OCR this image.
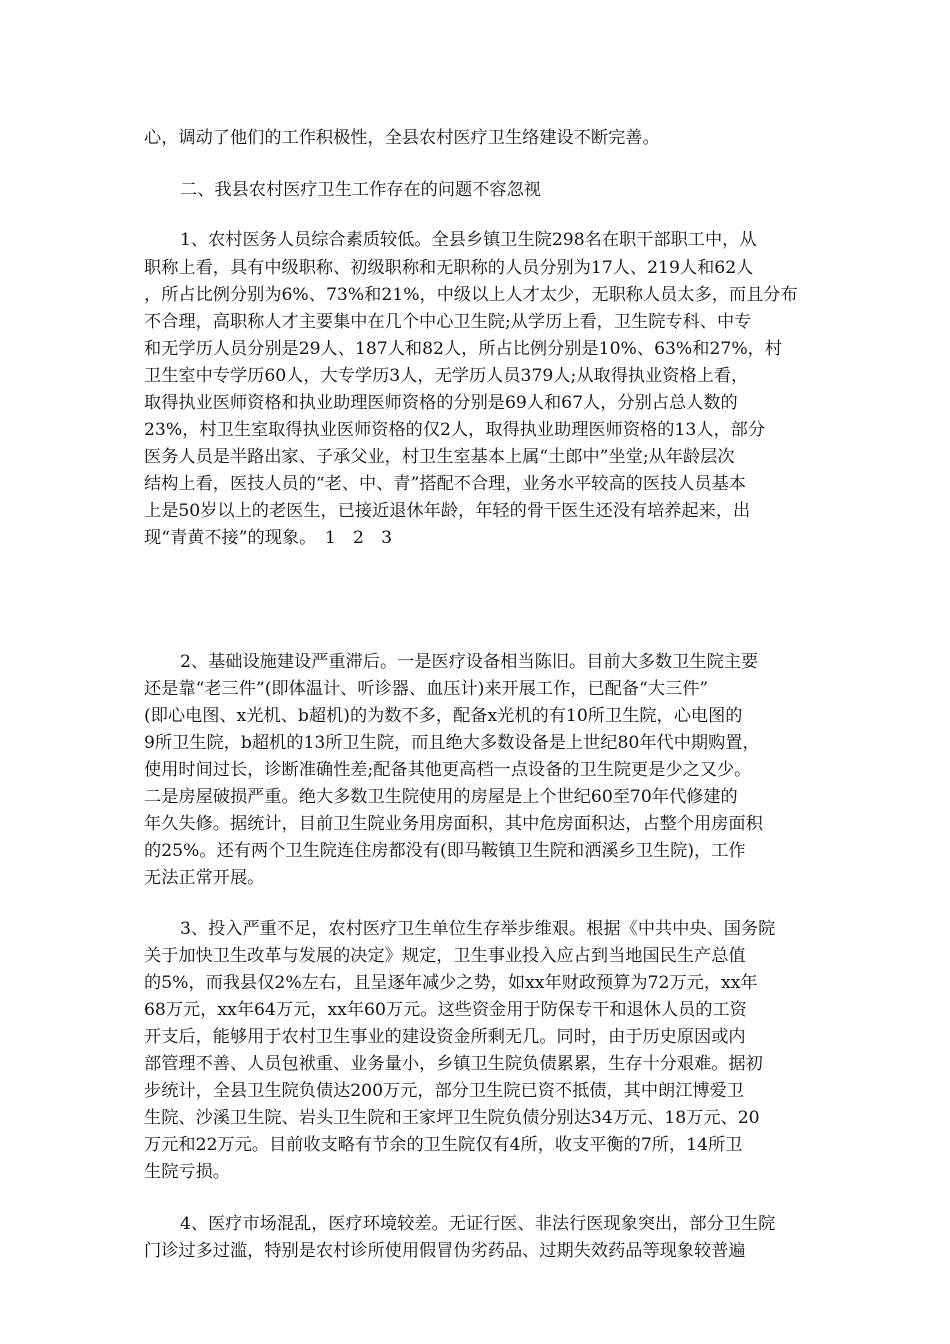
心，调动了他们的工作积极性，全县农村医疗卫生络建设不断完善。
二、我县农村医疗卫生工作存在的问题不容忽视
1、农村医务人员综合素质较低。全县乡镇卫生院298名在职干部职工中，从
职称上看，具有中级职称、初级职称和无职称的人员分别为17人、219人和62人
，所占比例分别为6%、73%和21%，中级以上人才太少，无职称人员太多，而且分布
不合理，高职称人才主要集中在几个中心卫生院;从学历上看，卫生院专科、中专
和无学历人员分别是29人、187人和82人，所占比例分别是10%、63%和27%，村
卫生室中专学历60人，大专学历3人，无学历人员379人;从取得执业资格上看，
取得执业医师资格和执业助理医师资格的分别是69人和67人，分别占总人数的
23%，村卫生室取得执业医师资格的仅2人，取得执业助理医师资格的13人，部分
医务人员是半路出家、子承父业，村卫生室基本上属“土郎中”坐堂;从年龄层次
结构上看，医技人员的“老、中、青”搭配不合理，业务水平较高的医技人员基本
上是50岁以上的老医生，已接近退休年龄，年轻的骨干医生还没有培养起来，出
现“青黄不接”的现象。　1　2　3
2、基础设施建设严重滞后。一是医疗设备相当陈旧。目前大多数卫生院主要
还是靠“老三件”(即体温计、听诊器、血压计)来开展工作，已配备“大三件”
(即心电图、x光机、b超机)的为数不多，配备x光机的有10所卫生院，心电图的
9所卫生院，b超机的13所卫生院，而且绝大多数设备是上世纪80年代中期购置，
使用时间过长，诊断准确性差;配备其他更高档一点设备的卫生院更是少之又少。
二是房屋破损严重。绝大多数卫生院使用的房屋是上个世纪60至70年代修建的
年久失修。据统计，目前卫生院业务用房面积，其中危房面积达，占整个用房面积
的25%。还有两个卫生院连住房都没有(即马鞍镇卫生院和洒溪乡卫生院)，工作
无法正常开展。
3、投入严重不足，农村医疗卫生单位生存举步维艰。根据《中共中央、国务院
关于加快卫生改革与发展的决定》规定，卫生事业投入应占到当地国民生产总值
的5%，而我县仅2%左右，且呈逐年减少之势，如xx年财政预算为72万元，xx年
68万元，xx年64万元，xx年60万元。这些资金用于防保专干和退休人员的工资
开支后，能够用于农村卫生事业的建设资金所剩无几。同时，由于历史原因或内
部管理不善、人员包袱重、业务量小，乡镇卫生院负债累累，生存十分艰难。据初
步统计，全县卫生院负债达200万元，部分卫生院已资不抵债，其中朗江博爱卫
生院、沙溪卫生院、岩头卫生院和王家坪卫生院负债分别达34万元、18万元、20
万元和22万元。目前收支略有节余的卫生院仅有4所，收支平衡的7所，14所卫
生院亏损。
4、医疗市场混乱，医疗环境较差。无证行医、非法行医现象突出，部分卫生院
门诊过多过滥，特别是农村诊所使用假冒伪劣药品、过期失效药品等现象较普遍
